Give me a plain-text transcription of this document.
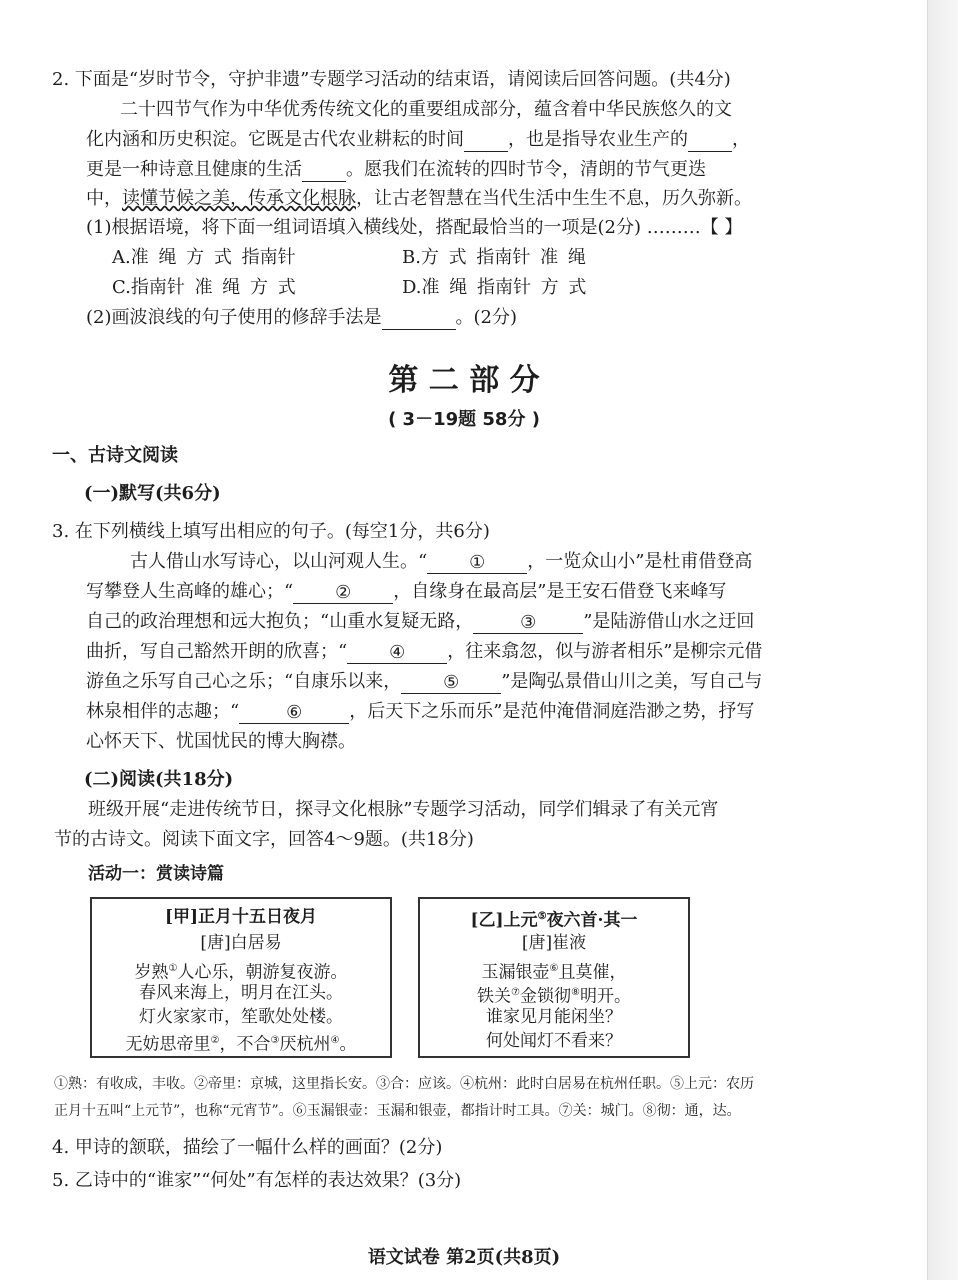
2. 下面是“岁时节令，守护非遗”专题学习活动的结束语，请阅读后回答问题。(共4分)
二十四节气作为中华优秀传统文化的重要组成部分，蕴含着中华民族悠久的文
化内涵和历史积淀。它既是古代农业耕耘的时间 ，也是指导农业生产的 ，
更是一种诗意且健康的生活 。愿我们在流转的四时节令，清朗的节气更迭
中，读懂节候之美，传承文化根脉，让古老智慧在当代生活中生生不息，历久弥新。
(1)根据语境，将下面一组词语填入横线处，搭配最恰当的一项是(2分) ………【 】
A.准 绳 方 式 指南针	B.方 式 指南针 准 绳
C.指南针 准 绳 方 式	D.准 绳 指南针 方 式
(2)画波浪线的句子使用的修辞手法是	。(2分)
第 二 部 分
( 3－19题 58分 )
一、古诗文阅读
(一)默写(共6分)
3. 在下列横线上填写出相应的句子。(每空1分，共6分)
古人借山水写诗心，以山河观人生。“ ① ，一览众山小”是杜甫借登高
写攀登人生高峰的雄心；“ ② ，自缘身在最高层”是王安石借登飞来峰写
自己的政治理想和远大抱负；“山重水复疑无路，	③	”是陆游借山水之迂回
曲折，写自己豁然开朗的欣喜；“ ④ ，往来翕忽，似与游者相乐”是柳宗元借
游鱼之乐写自己心之乐；“自康乐以来， ⑤ ”是陶弘景借山川之美，写自己与
林泉相伴的志趣；“	⑥	，后天下之乐而乐”是范仲淹借洞庭浩渺之势，抒写
心怀天下、忧国忧民的博大胸襟。
(二)阅读(共18分)
班级开展“走进传统节日，探寻文化根脉”专题学习活动，同学们辑录了有关元宵
节的古诗文。阅读下面文字，回答4～9题。(共18分)
活动一：赏读诗篇
[甲]正月十五日夜月
[唐]白居易
岁熟①人心乐，朝游复夜游。
春风来海上，明月在江头。
灯火家家市，笙歌处处楼。
无妨思帝里②，不合③厌杭州④。
[乙]上元⑤夜六首·其一
[唐]崔液
玉漏银壶⑥且莫催，
铁关⑦金锁彻⑧明开。
谁家见月能闲坐？
何处闻灯不看来？
①熟：有收成，丰收。②帝里：京城，这里指长安。③合：应该。④杭州：此时白居易在杭州任职。⑤上元：农历
正月十五叫“上元节”，也称“元宵节”。⑥玉漏银壶：玉漏和银壶，都指计时工具。⑦关：城门。⑧彻：通，达。
4. 甲诗的颔联，描绘了一幅什么样的画面？(2分)
5. 乙诗中的“谁家”“何处”有怎样的表达效果？(3分)
语文试卷 第2页(共8页)
